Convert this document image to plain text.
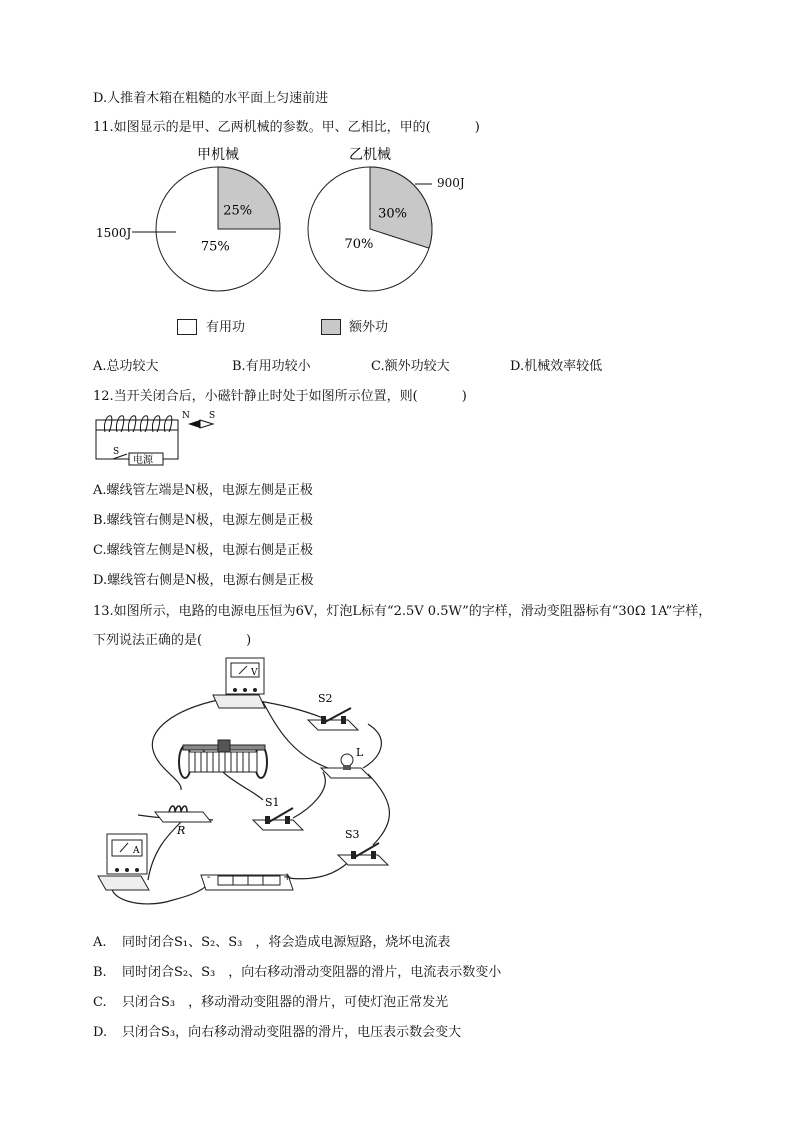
D.人推着木箱在粗糙的水平面上匀速前进
11.如图显示的是甲、乙两机械的参数。甲、乙相比，甲的(	)
甲机械	乙机械
25%
75%
30%
70%
1500J
900J
有用功	额外功
A.总功较大	B.有用功较小	C.额外功较大	D.机械效率较低
12.当开关闭合后，小磁针静止时处于如图所示位置，则(	)
S
电源
N S
A.螺线管左端是N极，电源左侧是正极
B.螺线管右侧是N极，电源左侧是正极
C.螺线管左侧是N极，电源右侧是正极
D.螺线管右侧是N极，电源右侧是正极
13.如图所示，电路的电源电压恒为6V，灯泡L标有“2.5V 0.5W”的字样，滑动变阻器标有“30Ω 1A”字样，
下列说法正确的是(	)
V
S2
L
R
S1
A
S3
-	+
A. 同时闭合S₁、S₂、S₃　，将会造成电源短路，烧坏电流表
B. 同时闭合S₂、S₃　，向右移动滑动变阻器的滑片，电流表示数变小
C. 只闭合S₃　，移动滑动变阻器的滑片，可使灯泡正常发光
D. 只闭合S₃，向右移动滑动变阻器的滑片，电压表示数会变大
